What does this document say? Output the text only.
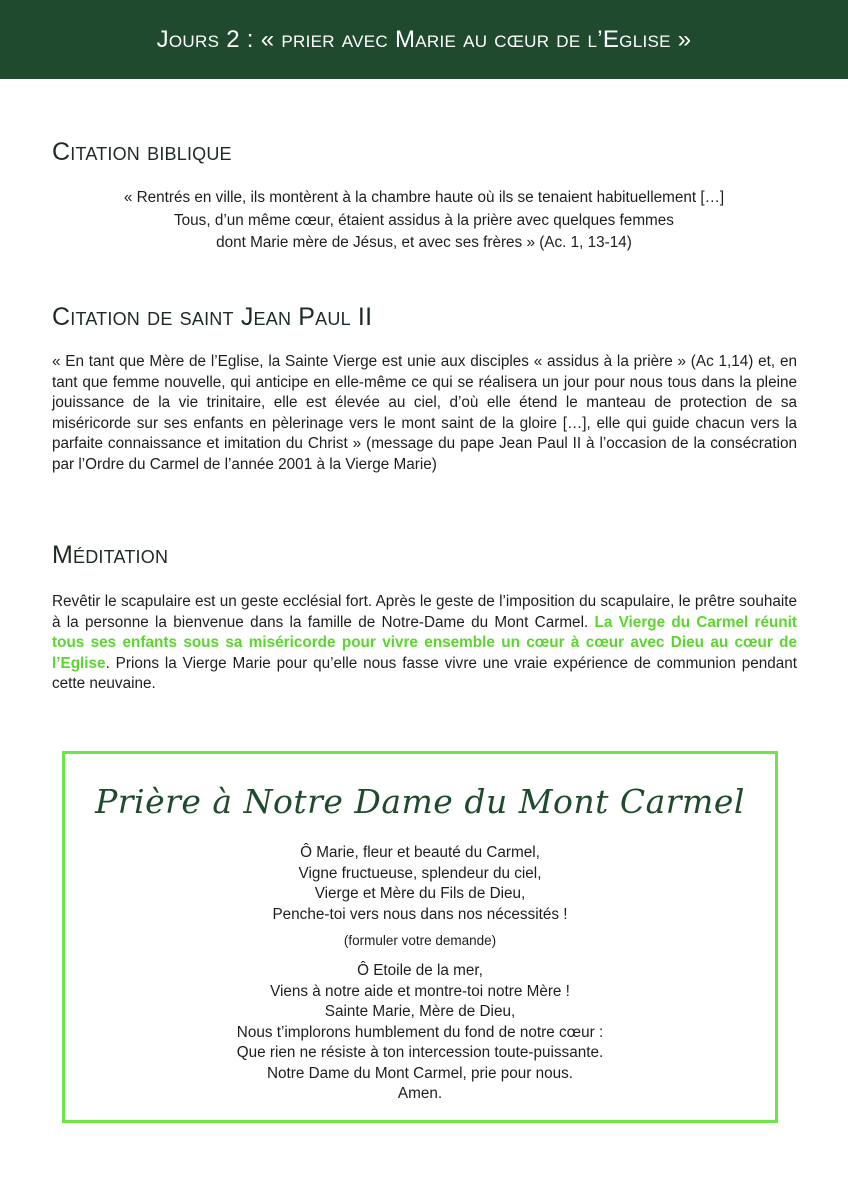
Jours 2 : « prier avec Marie au cœur de l’Eglise »
Citation biblique

« Rentrés en ville, ils montèrent à la chambre haute où ils se tenaient habituellement […]
Tous, d’un même cœur, étaient assidus à la prière avec quelques femmes
dont Marie mère de Jésus, et avec ses frères » (Ac. 1, 13-14)

Citation de saint Jean Paul II

« En tant que Mère de l’Eglise, la Sainte Vierge est unie aux disciples « assidus à la prière » (Ac 1,14) et, en tant que femme nouvelle, qui anticipe en elle-même ce qui se réalisera un jour pour nous tous dans la pleine jouissance de la vie trinitaire, elle est élevée au ciel, d’où elle étend le manteau de protection de sa miséricorde sur ses enfants en pèlerinage vers le mont saint de la gloire […], elle qui guide chacun vers la parfaite connaissance et imitation du Christ » (message du pape Jean Paul II à l’occasion de la consécration par l’Ordre du Carmel de l’année 2001 à la Vierge Marie)

Méditation

Revêtir le scapulaire est un geste ecclésial fort. Après le geste de l’imposition du scapulaire, le prêtre souhaite à la personne la bienvenue dans la famille de Notre-Dame du Mont Carmel. La Vierge du Carmel réunit tous ses enfants sous sa miséricorde pour vivre ensemble un cœur à cœur avec Dieu au cœur de l’Eglise. Prions la Vierge Marie pour qu’elle nous fasse vivre une vraie expérience de communion pendant cette neuvaine.

Prière à Notre Dame du Mont Carmel

Ô Marie, fleur et beauté du Carmel,
Vigne fructueuse, splendeur du ciel,
Vierge et Mère du Fils de Dieu,
Penche-toi vers nous dans nos nécessités !

(formuler votre demande)

Ô Etoile de la mer,
Viens à notre aide et montre-toi notre Mère !
Sainte Marie, Mère de Dieu,
Nous t’implorons humblement du fond de notre cœur :
Que rien ne résiste à ton intercession toute-puissante.
Notre Dame du Mont Carmel, prie pour nous.
Amen.
